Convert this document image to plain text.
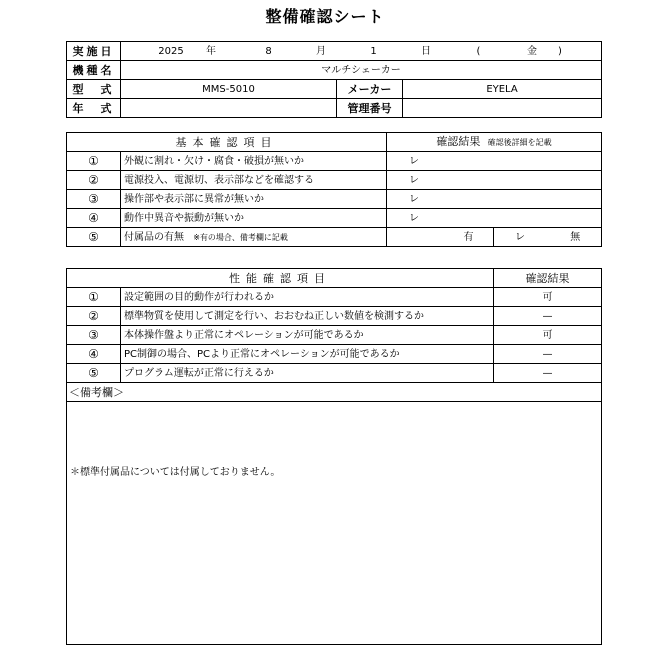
整備確認シート
実施日	2025 年 8 月 1 日 ( 金 )		
機種名	マルチシェーカー		
型　式	MMS-5010	メーカー	EYELA
年　式		管理番号	
基本確認項目		確認結果 確認後詳細を記載	
①	外観に割れ・欠け・腐食・破損が無いか	レ	
②	電源投入、電源切、表示部などを確認する	レ	
③	操作部や表示部に異常が無いか	レ	
④	動作中異音や振動が無いか	レ	
⑤	付属品の有無 ※有の場合、備考欄に記載	有	レ 無
性能確認項目		確認結果
①	設定範囲の目的動作が行われるか	可
②	標準物質を使用して測定を行い、おおむね正しい数値を検測するか	—
③	本体操作盤より正常にオペレーションが可能であるか	可
④	PC制御の場合、PCより正常にオペレーションが可能であるか	—
⑤	プログラム運転が正常に行えるか	—
＜備考欄＞		
＊標準付属品については付属しておりません。		
